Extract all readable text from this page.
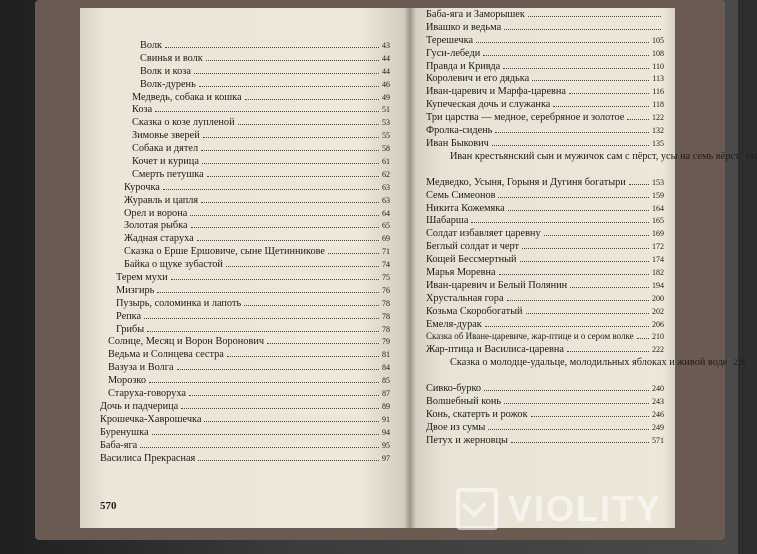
Волк	43
Свинья и волк	44
Волк и коза	44
Волк-дурень	46
Медведь, собака и кошка	49
Коза	51
Сказка о козе лупленой	53
Зимовье зверей	55
Собака и дятел	58
Кочет и курица	61
Смерть петушка	62
Курочка	63
Журавль и цапля	63
Орел и ворона	64
Золотая рыбка	65
Жадная старуха	69
Сказка о Ерше Ершовиче, сыне Щетинникове	71
Байка о щуке зубастой	74
Терем мухи	75
Мизгирь	76
Пузырь, соломинка и лапоть	78
Репка	78
Грибы	78
Солнце, Месяц и Ворон Воронович	79
Ведьма и Солнцева сестра	81
Вазуза и Волга	84
Морозко	85
Старуха-говоруха	87
Дочь и падчерица	89
Крошечка-Хаврошечка	91
Буренушка	94
Баба-яга	95
Василиса Прекрасная	97
570
Баба-яга и Заморышек
Ивашко и ведьма
Терешечка	105
Гуси-лебеди	108
Правда и Кривда	110
Королевич и его дядька	113
Иван-царевич и Марфа-царевна	116
Купеческая дочь и служанка	118
Три царства — медное, серебряное и золотое	122
Фролка-сидень	132
Иван Быкович	135
Иван крестьянский сын и мужичок сам с пёрст, усы на семь вёрст 141
Медведко, Усыня, Горыня и Дугиня богатыри	153
Семь Симеонов	159
Никита Кожемяка	164
Шабарша	165
Солдат избавляет царевну	169
Беглый солдат и черт	172
Кощей Бессмертный	174
Марья Моревна	182
Иван-царевич и Белый Полянин	194
Хрустальная гора	200
Козьма Скоробогатый	202
Емеля-дурак	206
Сказка об Иване-царевиче, жар-птице и о сером волке 210
Жар-птица и Василиса-царевна	222
Сказка о молодце-удальце, молодильных яблоках и живой воде 226
Сивко-бурко	240
Волшебный конь	243
Конь, скатерть и рожок	246
Двое из сумы	249
Петух и жерновцы	571
VIOLITY
